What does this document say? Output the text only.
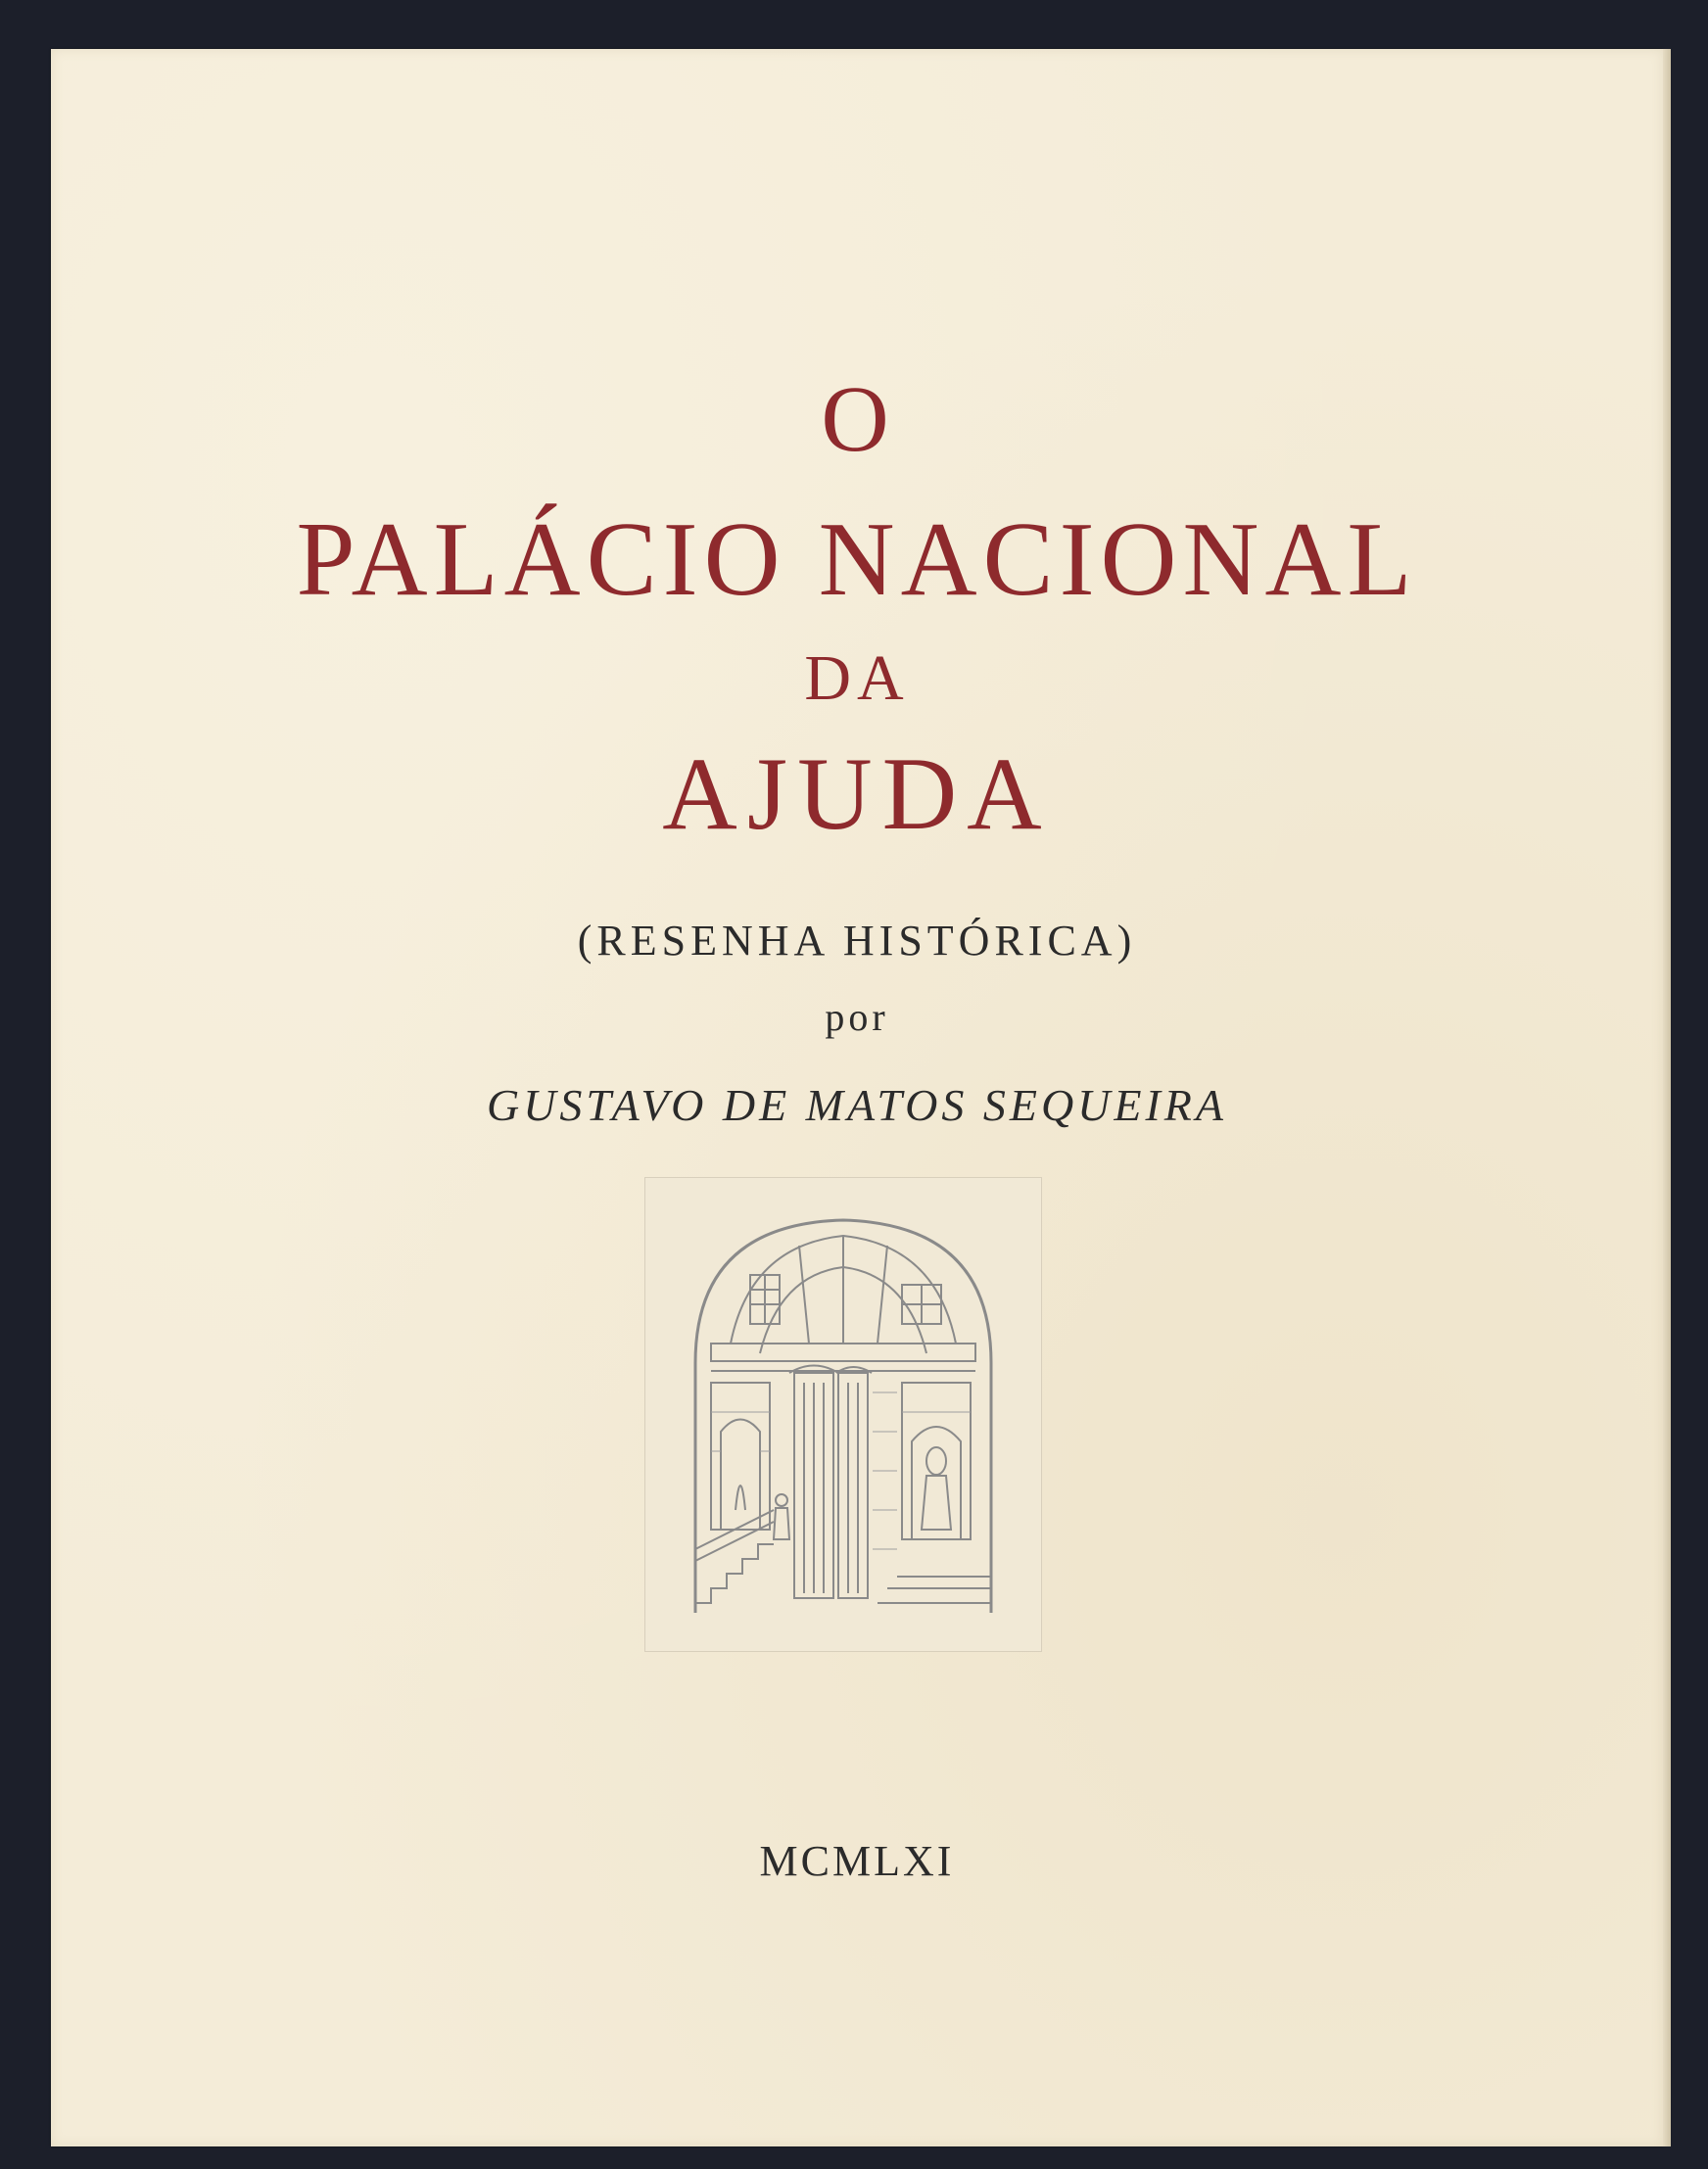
O
PALÁCIO NACIONAL
DA
AJUDA
(RESENHA HISTÓRICA)
por
GUSTAVO DE MATOS SEQUEIRA
MCMLXI
